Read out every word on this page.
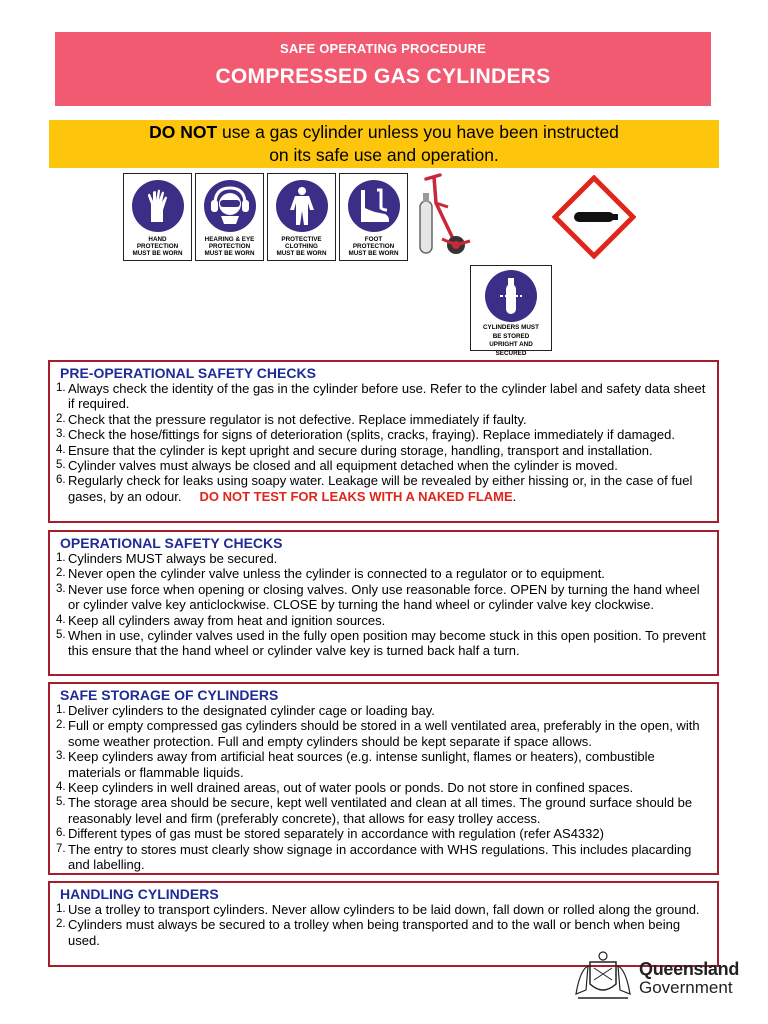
SAFE OPERATING PROCEDURE
COMPRESSED GAS CYLINDERS
DO NOT use a gas cylinder unless you have been instructed
on its safe use and operation.
HAND
PROTECTION
MUST BE WORN
HEARING & EYE
PROTECTION
MUST BE WORN
PROTECTIVE
CLOTHING
MUST BE WORN
FOOT
PROTECTION
MUST BE WORN
CYLINDERS MUST
BE STORED
UPRIGHT AND
SECURED
PRE-OPERATIONAL SAFETY CHECKS
1. Always check the identity of the gas in the cylinder before use. Refer to the cylinder label and safety data sheet if required.
2. Check that the pressure regulator is not defective. Replace immediately if faulty.
3. Check the hose/fittings for signs of deterioration (splits, cracks, fraying). Replace immediately if damaged.
4. Ensure that the cylinder is kept upright and secure during storage, handling, transport and installation.
5. Cylinder valves must always be closed and all equipment detached when the cylinder is moved.
6. Regularly check for leaks using soapy water. Leakage will be revealed by either hissing or, in the case of fuel gases, by an odour. DO NOT TEST FOR LEAKS WITH A NAKED FLAME.
OPERATIONAL SAFETY CHECKS
1. Cylinders MUST always be secured.
2. Never open the cylinder valve unless the cylinder is connected to a regulator or to equipment.
3. Never use force when opening or closing valves. Only use reasonable force. OPEN by turning the hand wheel or cylinder valve key anticlockwise. CLOSE by turning the hand wheel or cylinder valve key clockwise.
4. Keep all cylinders away from heat and ignition sources.
5. When in use, cylinder valves used in the fully open position may become stuck in this open position. To prevent this ensure that the hand wheel or cylinder valve key is turned back half a turn.
SAFE STORAGE OF CYLINDERS
1. Deliver cylinders to the designated cylinder cage or loading bay.
2. Full or empty compressed gas cylinders should be stored in a well ventilated area, preferably in the open, with some weather protection. Full and empty cylinders should be kept separate if space allows.
3. Keep cylinders away from artificial heat sources (e.g. intense sunlight, flames or heaters), combustible materials or flammable liquids.
4. Keep cylinders in well drained areas, out of water pools or ponds. Do not store in confined spaces.
5. The storage area should be secure, kept well ventilated and clean at all times. The ground surface should be reasonably level and firm (preferably concrete), that allows for easy trolley access.
6. Different types of gas must be stored separately in accordance with regulation (refer AS4332)
7. The entry to stores must clearly show signage in accordance with WHS regulations. This includes placarding and labelling.
HANDLING CYLINDERS
1. Use a trolley to transport cylinders. Never allow cylinders to be laid down, fall down or rolled along the ground.
2. Cylinders must always be secured to a trolley when being transported and to the wall or bench when being used.
Queensland
Government
